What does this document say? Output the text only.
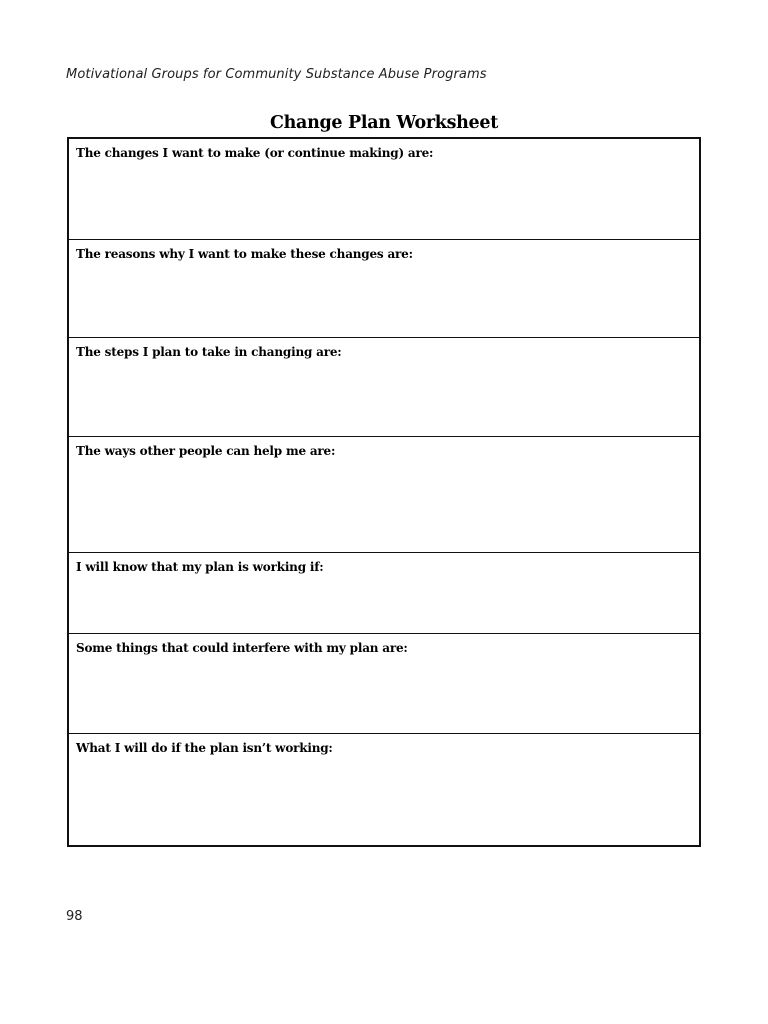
Motivational Groups for Community Substance Abuse Programs
Change Plan Worksheet
The changes I want to make (or continue making) are:
The reasons why I want to make these changes are:
The steps I plan to take in changing are:
The ways other people can help me are:
I will know that my plan is working if:
Some things that could interfere with my plan are:
What I will do if the plan isn’t working:
98
